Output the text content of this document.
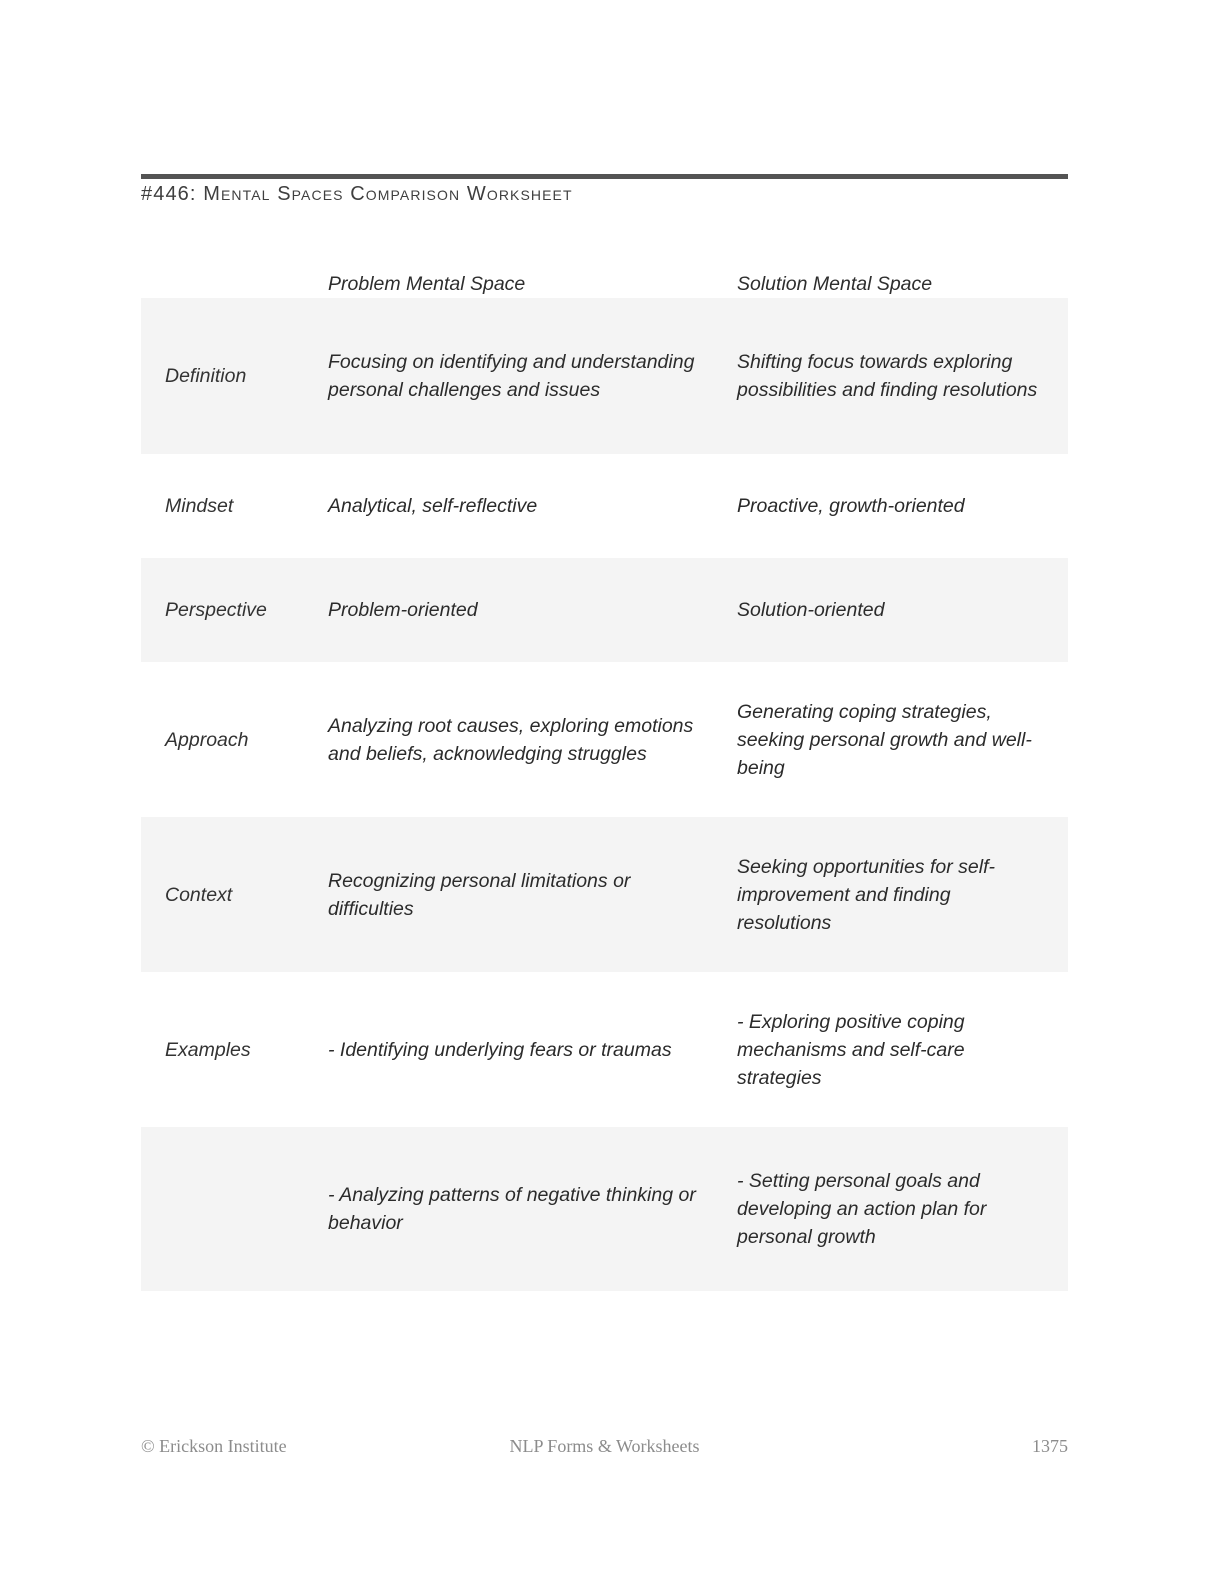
#446: Mental Spaces Comparison Worksheet
	Problem Mental Space	Solution Mental Space
Definition	Focusing on identifying and understanding personal challenges and issues	Shifting focus towards exploring possibilities and finding resolutions
Mindset	Analytical, self-reflective	Proactive, growth-oriented
Perspective	Problem-oriented	Solution-oriented
Approach	Analyzing root causes, exploring emotions and beliefs, acknowledging struggles	Generating coping strategies, seeking personal growth and well-being
Context	Recognizing personal limitations or difficulties	Seeking opportunities for self-improvement and finding resolutions
Examples	- Identifying underlying fears or traumas	- Exploring positive coping mechanisms and self-care strategies
	- Analyzing patterns of negative thinking or behavior	- Setting personal goals and developing an action plan for personal growth
© Erickson Institute	NLP Forms & Worksheets	1375
